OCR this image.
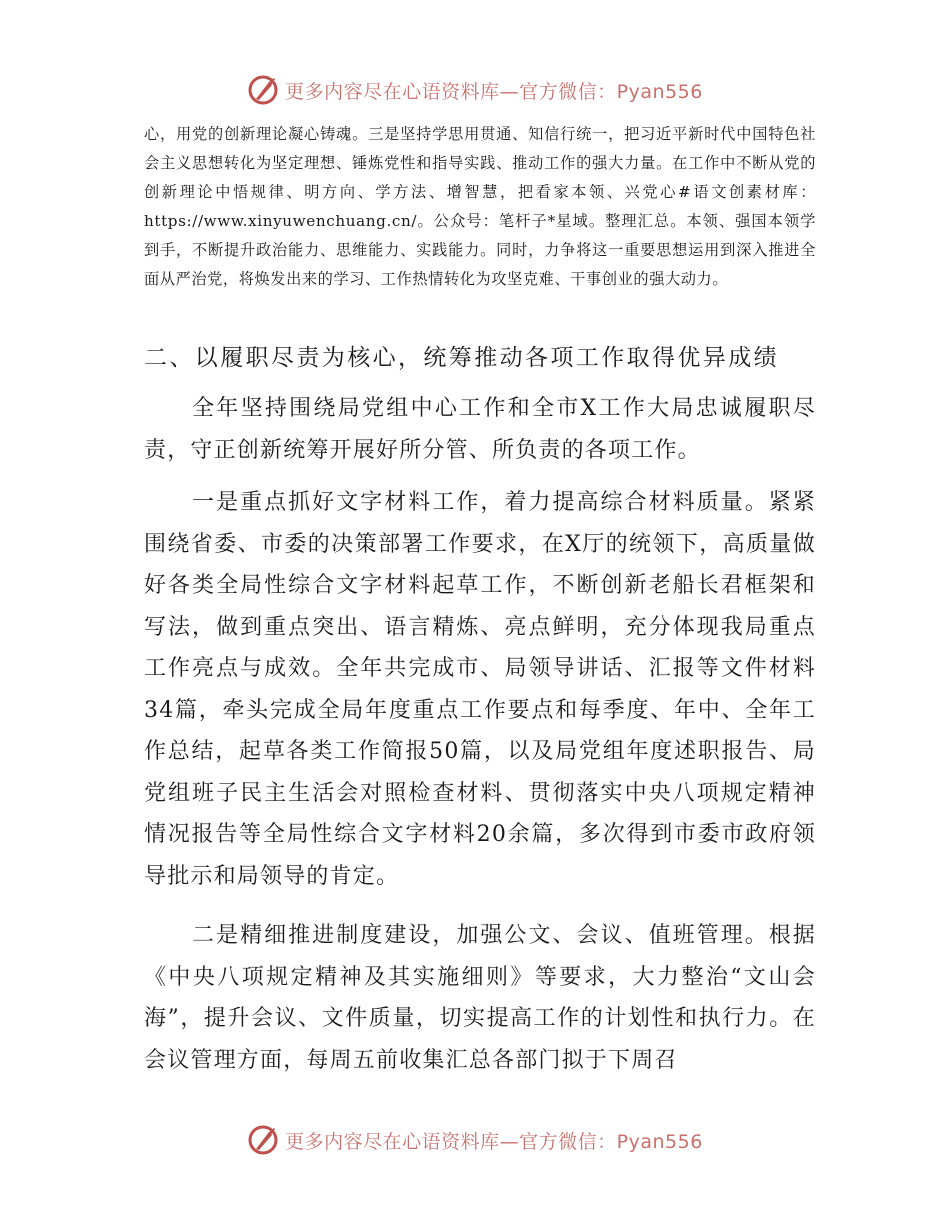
更多内容尽在心语资料库—官方微信：Pyan556

心，用党的创新理论凝心铸魂。三是坚持学思用贯通、知信行统一，把习近平新时代中国特色社会主义思想转化为坚定理想、锤炼党性和指导实践、推动工作的强大力量。在工作中不断从党的创新理论中悟规律、明方向、学方法、增智慧，把看家本领、兴党心#语文创素材库：https://www.xinyuwenchuang.cn/。公众号：笔杆子*星域。整理汇总。本领、强国本领学到手，不断提升政治能力、思维能力、实践能力。同时，力争将这一重要思想运用到深入推进全面从严治党，将焕发出来的学习、工作热情转化为攻坚克难、干事创业的强大动力。

二、以履职尽责为核心，统筹推动各项工作取得优异成绩

全年坚持围绕局党组中心工作和全市X工作大局忠诚履职尽责，守正创新统筹开展好所分管、所负责的各项工作。

一是重点抓好文字材料工作，着力提高综合材料质量。紧紧围绕省委、市委的决策部署工作要求，在X厅的统领下，高质量做好各类全局性综合文字材料起草工作，不断创新老船长君框架和写法，做到重点突出、语言精炼、亮点鲜明，充分体现我局重点工作亮点与成效。全年共完成市、局领导讲话、汇报等文件材料34篇，牵头完成全局年度重点工作要点和每季度、年中、全年工作总结，起草各类工作简报50篇，以及局党组年度述职报告、局党组班子民主生活会对照检查材料、贯彻落实中央八项规定精神情况报告等全局性综合文字材料20余篇，多次得到市委市政府领导批示和局领导的肯定。

二是精细推进制度建设，加强公文、会议、值班管理。根据《中央八项规定精神及其实施细则》等要求，大力整治“文山会海”，提升会议、文件质量，切实提高工作的计划性和执行力。在会议管理方面，每周五前收集汇总各部门拟于下周召

更多内容尽在心语资料库—官方微信：Pyan556
